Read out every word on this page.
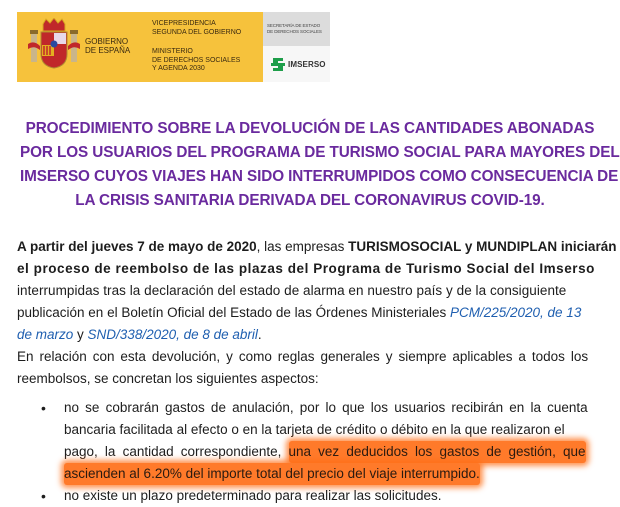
GOBIERNO
DE ESPAÑA
VICEPRESIDENCIA
SEGUNDA DEL GOBIERNO
MINISTERIO
DE DERECHOS SOCIALES
Y AGENDA 2030
SECRETARÍA DE ESTADO
DE DERECHOS SOCIALES
IMSERSO
PROCEDIMIENTO SOBRE LA DEVOLUCIÓN DE LAS CANTIDADES ABONADAS
POR LOS USUARIOS DEL PROGRAMA DE TURISMO SOCIAL PARA MAYORES DEL
IMSERSO CUYOS VIAJES HAN SIDO INTERRUMPIDOS COMO CONSECUENCIA DE
LA CRISIS SANITARIA DERIVADA DEL CORONAVIRUS COVID-19.
A partir del jueves 7 de mayo de 2020 , las empresas TURISMOSOCIAL y MUNDIPLAN iniciarán
el proceso de reembolso de las plazas del Programa de Turismo Social del Imserso
interrumpidas tras la declaración del estado de alarma en nuestro país y de la consiguiente
publicación en el Boletín Oficial del Estado de las Órdenes Ministeriales PCM/225/2020, de 13
de marzo y SND/338/2020, de 8 de abril .
En relación con esta devolución, y como reglas generales y siempre aplicables a todos los
reembolsos, se concretan los siguientes aspectos:
• no se cobrarán gastos de anulación, por lo que los usuarios recibirán en la cuenta
bancaria facilitada al efecto o en la tarjeta de crédito o débito en la que realizaron el
pago, la cantidad correspondiente, una vez deducidos los gastos de gestión, que
ascienden al 6.20% del importe total del precio del viaje interrumpido.
• no existe un plazo predeterminado para realizar las solicitudes.
